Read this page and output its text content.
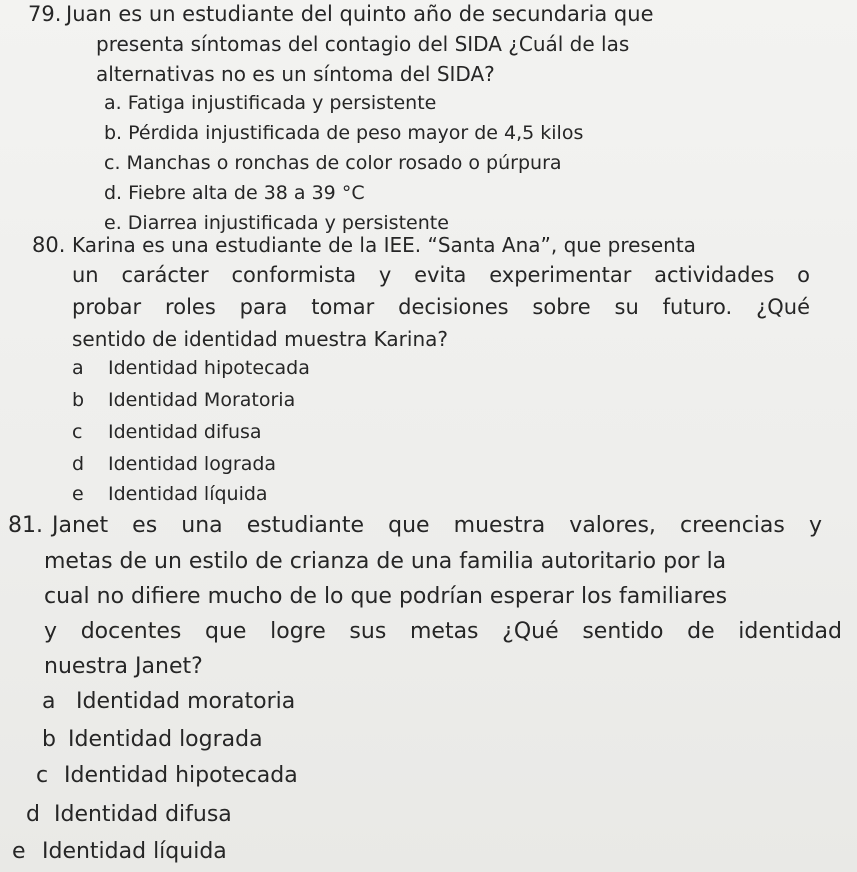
79. Juan es un estudiante del quinto año de secundaria que
presenta síntomas del contagio del SIDA ¿Cuál de las
alternativas no es un síntoma del SIDA?
a. Fatiga injustificada y persistente
b. Pérdida injustificada de peso mayor de 4,5 kilos
c. Manchas o ronchas de color rosado o púrpura
d. Fiebre alta de 38 a 39 °C
e. Diarrea injustificada y persistente
80. Karina es una estudiante de la IEE. “Santa Ana”, que presenta
un carácter conformista y evita experimentar actividades o
probar roles para tomar decisiones sobre su futuro. ¿Qué
sentido de identidad muestra Karina?
a Identidad hipotecada
b Identidad Moratoria
c Identidad difusa
d Identidad lograda
e Identidad líquida
81. Janet es una estudiante que muestra valores, creencias y
metas de un estilo de crianza de una familia autoritario por la
cual no difiere mucho de lo que podrían esperar los familiares
y docentes que logre sus metas ¿Qué sentido de identidad
nuestra Janet?
a Identidad moratoria
b Identidad lograda
c Identidad hipotecada
d Identidad difusa
e Identidad líquida
